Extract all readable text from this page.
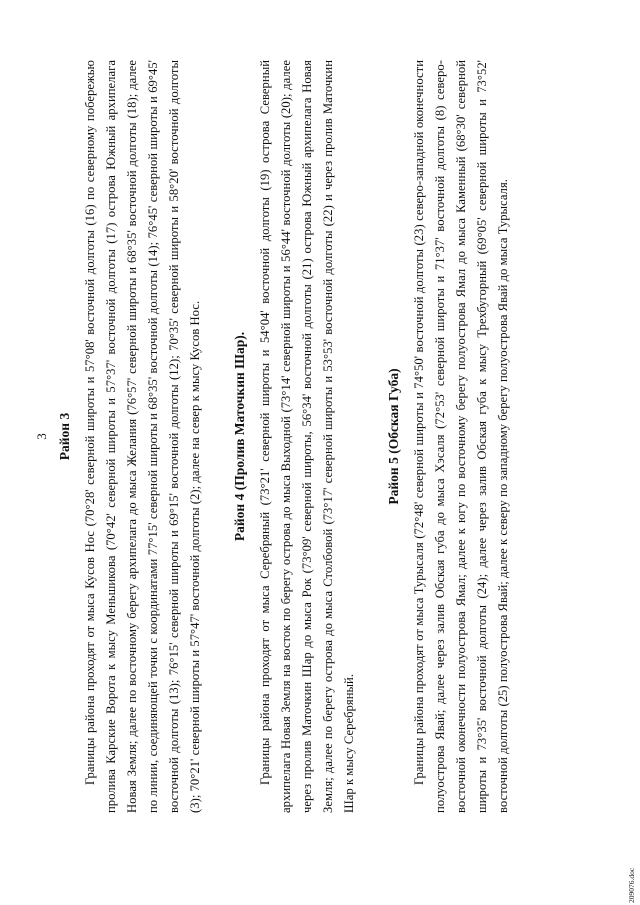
3 Район 3 Границы района проходят от мыса Кусов Нос (70°28' северной широты и 57°08' восточной долготы (16) по северному побережью пролива Карские Ворота к мысу Меньшикова (70°42' северной широты и 57°37' восточной долготы (17) острова Южный архипелага Новая Земля; далее по восточному берегу архипелага до мыса Желания (76°57' северной широты и 68°35' восточной долготы (18); далее по линии, соединяющей точки с координатами 77°15' северной широты и 68°35' восточной долготы (14); 76°45' северной широты и 69°45' восточной долготы (13); 76°15' северной широты и 69°15' восточной долготы (12); 70°35' северной широты и 58°20' восточной долготы (3); 70°21' северной широты и 57°47' восточной долготы (2); далее на север к мысу Кусов Нос. Район 4 (Пролив Маточкин Шар). Границы района проходят от мыса Серебряный (73°21' северной широты и 54°04' восточной долготы (19) острова Северный архипелага Новая Земля на восток по берегу острова до мыса Выходной (73°14' северной широты и 56°44' восточной долготы (20); далее через пролив Маточкин Шар до мыса Рок (73°09' северной широты, 56°34' восточной долготы (21) острова Южный архипелага Новая Земля; далее по берегу острова до мыса Столбовой (73°17' северной широты и 53°53' восточной долготы (22) и через пролив Маточкин Шар к мысу Серебряный.

Район 5 (Обская Губа) Границы района проходят от мыса Турысаля (72°48' северной широты и 74°50' восточной долготы (23) северо-западной оконечности полуострова Явай; далее через залив Обская губа до мыса Хэсаля (72°53' северной широты и 71°37' восточной долготы (8) северо-восточной оконечности полуострова Ямал; далее к югу по восточному берегу полуострова Ямал до мыса Каменный (68°30' северной широты и 73°35' восточной долготы (24); далее через залив Обская губа к мысу Трехбугорный (69°05' северной широты и 73°52' восточной долготы (25) полуострова Явай; далее к северу по западному берегу полуострова Явай до мыса Турысаля.

209076.doc
